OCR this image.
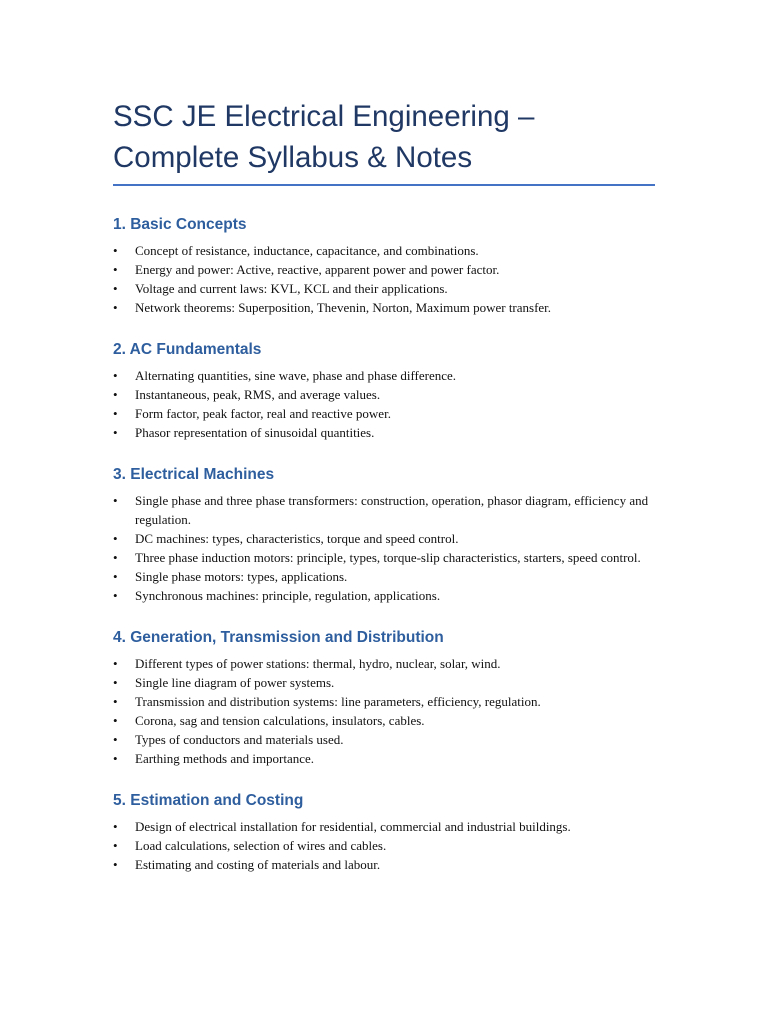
SSC JE Electrical Engineering –
Complete Syllabus & Notes
1. Basic Concepts
• Concept of resistance, inductance, capacitance, and combinations.
• Energy and power: Active, reactive, apparent power and power factor.
• Voltage and current laws: KVL, KCL and their applications.
• Network theorems: Superposition, Thevenin, Norton, Maximum power transfer.
2. AC Fundamentals
• Alternating quantities, sine wave, phase and phase difference.
• Instantaneous, peak, RMS, and average values.
• Form factor, peak factor, real and reactive power.
• Phasor representation of sinusoidal quantities.
3. Electrical Machines
• Single phase and three phase transformers: construction, operation, phasor diagram, efficiency and regulation.
• DC machines: types, characteristics, torque and speed control.
• Three phase induction motors: principle, types, torque-slip characteristics, starters, speed control.
• Single phase motors: types, applications.
• Synchronous machines: principle, regulation, applications.
4. Generation, Transmission and Distribution
• Different types of power stations: thermal, hydro, nuclear, solar, wind.
• Single line diagram of power systems.
• Transmission and distribution systems: line parameters, efficiency, regulation.
• Corona, sag and tension calculations, insulators, cables.
• Types of conductors and materials used.
• Earthing methods and importance.
5. Estimation and Costing
• Design of electrical installation for residential, commercial and industrial buildings.
• Load calculations, selection of wires and cables.
• Estimating and costing of materials and labour.
